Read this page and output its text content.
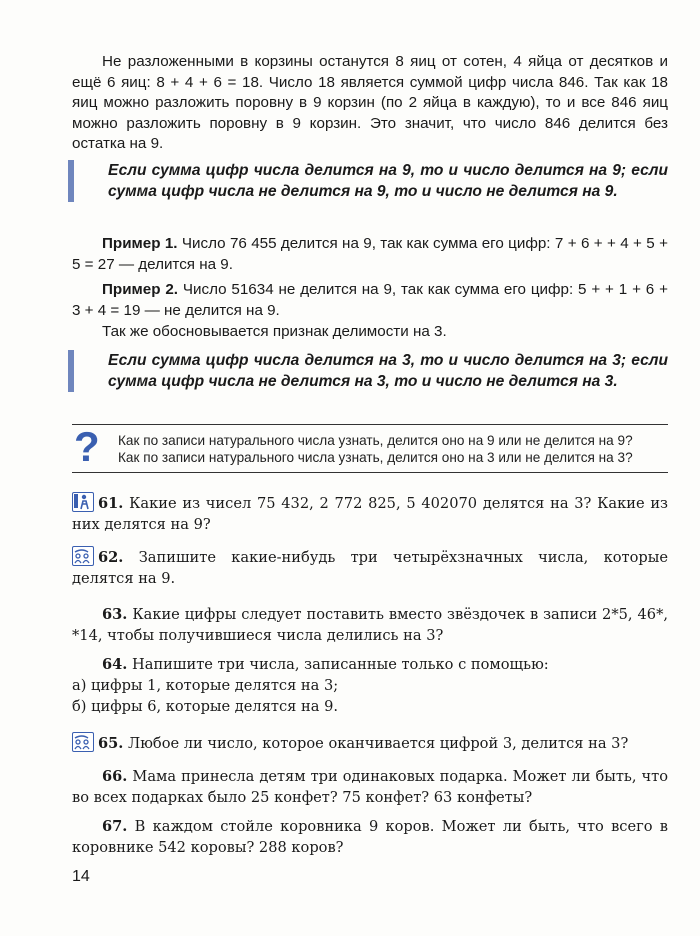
Не разложенными в корзины останутся 8 яиц от сотен, 4 яйца от десятков и ещё 6 яиц: 8 + 4 + 6 = 18. Число 18 является суммой цифр числа 846. Так как 18 яиц можно разложить поровну в 9 корзин (по 2 яйца в каждую), то и все 846 яиц можно разложить поровну в 9 корзин. Это значит, что число 846 делится без остатка на 9.

Если сумма цифр числа делится на 9, то и число делится на 9; если сумма цифр числа не делится на 9, то и число не делится на 9.

Пример 1. Число 76 455 делится на 9, так как сумма его цифр: 7 + 6 + + 4 + 5 + 5 = 27 — делится на 9.
Пример 2. Число 51634 не делится на 9, так как сумма его цифр: 5 + + 1 + 6 + 3 + 4 = 19 — не делится на 9.
Так же обосновывается признак делимости на 3.

Если сумма цифр числа делится на 3, то и число делится на 3; если сумма цифр числа не делится на 3, то и число не делится на 3.

?	Как по записи натурального числа узнать, делится оно на 9 или не делится на 9?
Как по записи натурального числа узнать, делится оно на 3 или не делится на 3?
61. Какие из чисел 75 432, 2 772 825, 5 402070 делятся на 3? Какие из них делятся на 9?
62. Запишите какие-нибудь три четырёхзначных числа, которые делятся на 9.
63. Какие цифры следует поставить вместо звёздочек в записи 2*5, 46*, *14, чтобы получившиеся числа делились на 3?
64. Напишите три числа, записанные только с помощью:
а) цифры 1, которые делятся на 3;
б) цифры 6, которые делятся на 9.
65. Любое ли число, которое оканчивается цифрой 3, делится на 3?
66. Мама принесла детям три одинаковых подарка. Может ли быть, что во всех подарках было 25 конфет? 75 конфет? 63 конфеты?
67. В каждом стойле коровника 9 коров. Может ли быть, что всего в коровнике 542 коровы? 288 коров?
14
